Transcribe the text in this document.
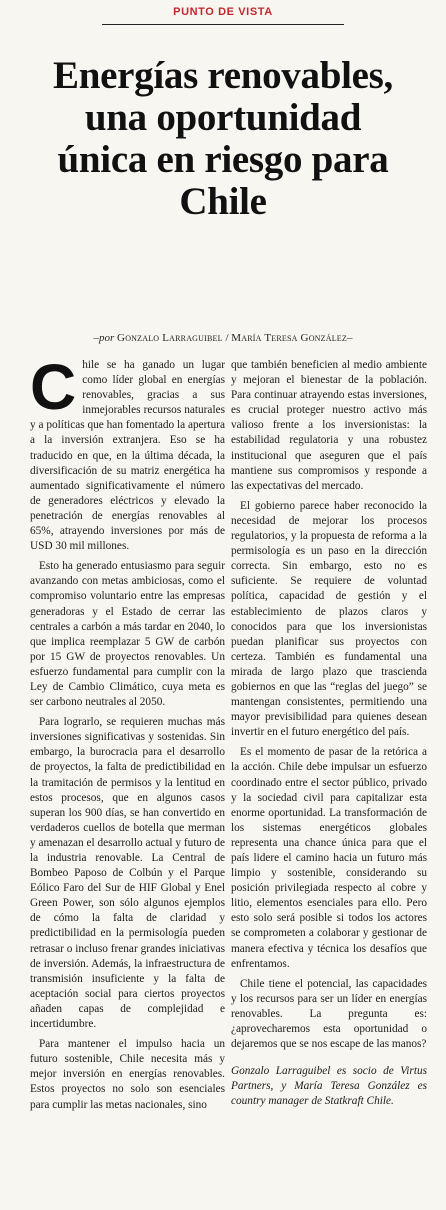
PUNTO DE VISTA
Energías renovables,
una oportunidad
única en riesgo para
Chile
–por Gonzalo Larraguibel / María Teresa González–

Chile se ha ganado un lugar como líder global en energías renovables, gracias a sus inmejorables recursos naturales y a políticas que han fomentado la apertura a la inversión extranjera. Eso se ha traducido en que, en la última década, la diversificación de su matriz energética ha aumentado significativamente el número de generadores eléctricos y elevado la penetración de energías renovables al 65%, atrayendo inversiones por más de USD 30 mil millones.

Esto ha generado entusiasmo para seguir avanzando con metas ambiciosas, como el compromiso voluntario entre las empresas generadoras y el Estado de cerrar las centrales a carbón a más tardar en 2040, lo que implica reemplazar 5 GW de carbón por 15 GW de proyectos renovables. Un esfuerzo fundamental para cumplir con la Ley de Cambio Climático, cuya meta es ser carbono neutrales al 2050.

Para lograrlo, se requieren muchas más inversiones significativas y sostenidas. Sin embargo, la burocracia para el desarrollo de proyectos, la falta de predictibilidad en la tramitación de permisos y la lentitud en estos procesos, que en algunos casos superan los 900 días, se han convertido en verdaderos cuellos de botella que merman y amenazan el desarrollo actual y futuro de la industria renovable. La Central de Bombeo Paposo de Colbún y el Parque Eólico Faro del Sur de HIF Global y Enel Green Power, son sólo algunos ejemplos de cómo la falta de claridad y predictibilidad en la permisología pueden retrasar o incluso frenar grandes iniciativas de inversión. Además, la infraestructura de transmisión insuficiente y la falta de aceptación social para ciertos proyectos añaden capas de complejidad e incertidumbre.

Para mantener el impulso hacia un futuro sostenible, Chile necesita más y mejor inversión en energías renovables. Estos proyectos no solo son esenciales para cumplir las metas nacionales, sino

que también beneficien al medio ambiente y mejoran el bienestar de la población. Para continuar atrayendo estas inversiones, es crucial proteger nuestro activo más valioso frente a los inversionistas: la estabilidad regulatoria y una robustez institucional que aseguren que el país mantiene sus compromisos y responde a las expectativas del mercado.

El gobierno parece haber reconocido la necesidad de mejorar los procesos regulatorios, y la propuesta de reforma a la permisología es un paso en la dirección correcta. Sin embargo, esto no es suficiente. Se requiere de voluntad política, capacidad de gestión y el establecimiento de plazos claros y conocidos para que los inversionistas puedan planificar sus proyectos con certeza. También es fundamental una mirada de largo plazo que trascienda gobiernos en que las “reglas del juego” se mantengan consistentes, permitiendo una mayor previsibilidad para quienes desean invertir en el futuro energético del país.

Es el momento de pasar de la retórica a la acción. Chile debe impulsar un esfuerzo coordinado entre el sector público, privado y la sociedad civil para capitalizar esta enorme oportunidad. La transformación de los sistemas energéticos globales representa una chance única para que el país lidere el camino hacia un futuro más limpio y sostenible, considerando su posición privilegiada respecto al cobre y litio, elementos esenciales para ello. Pero esto solo será posible si todos los actores se comprometen a colaborar y gestionar de manera efectiva y técnica los desafíos que enfrentamos.

Chile tiene el potencial, las capacidades y los recursos para ser un líder en energías renovables. La pregunta es: ¿aprovecharemos esta oportunidad o dejaremos que se nos escape de las manos?

Gonzalo Larraguibel es socio de Virtus Partners, y María Teresa González es country manager de Statkraft Chile.
